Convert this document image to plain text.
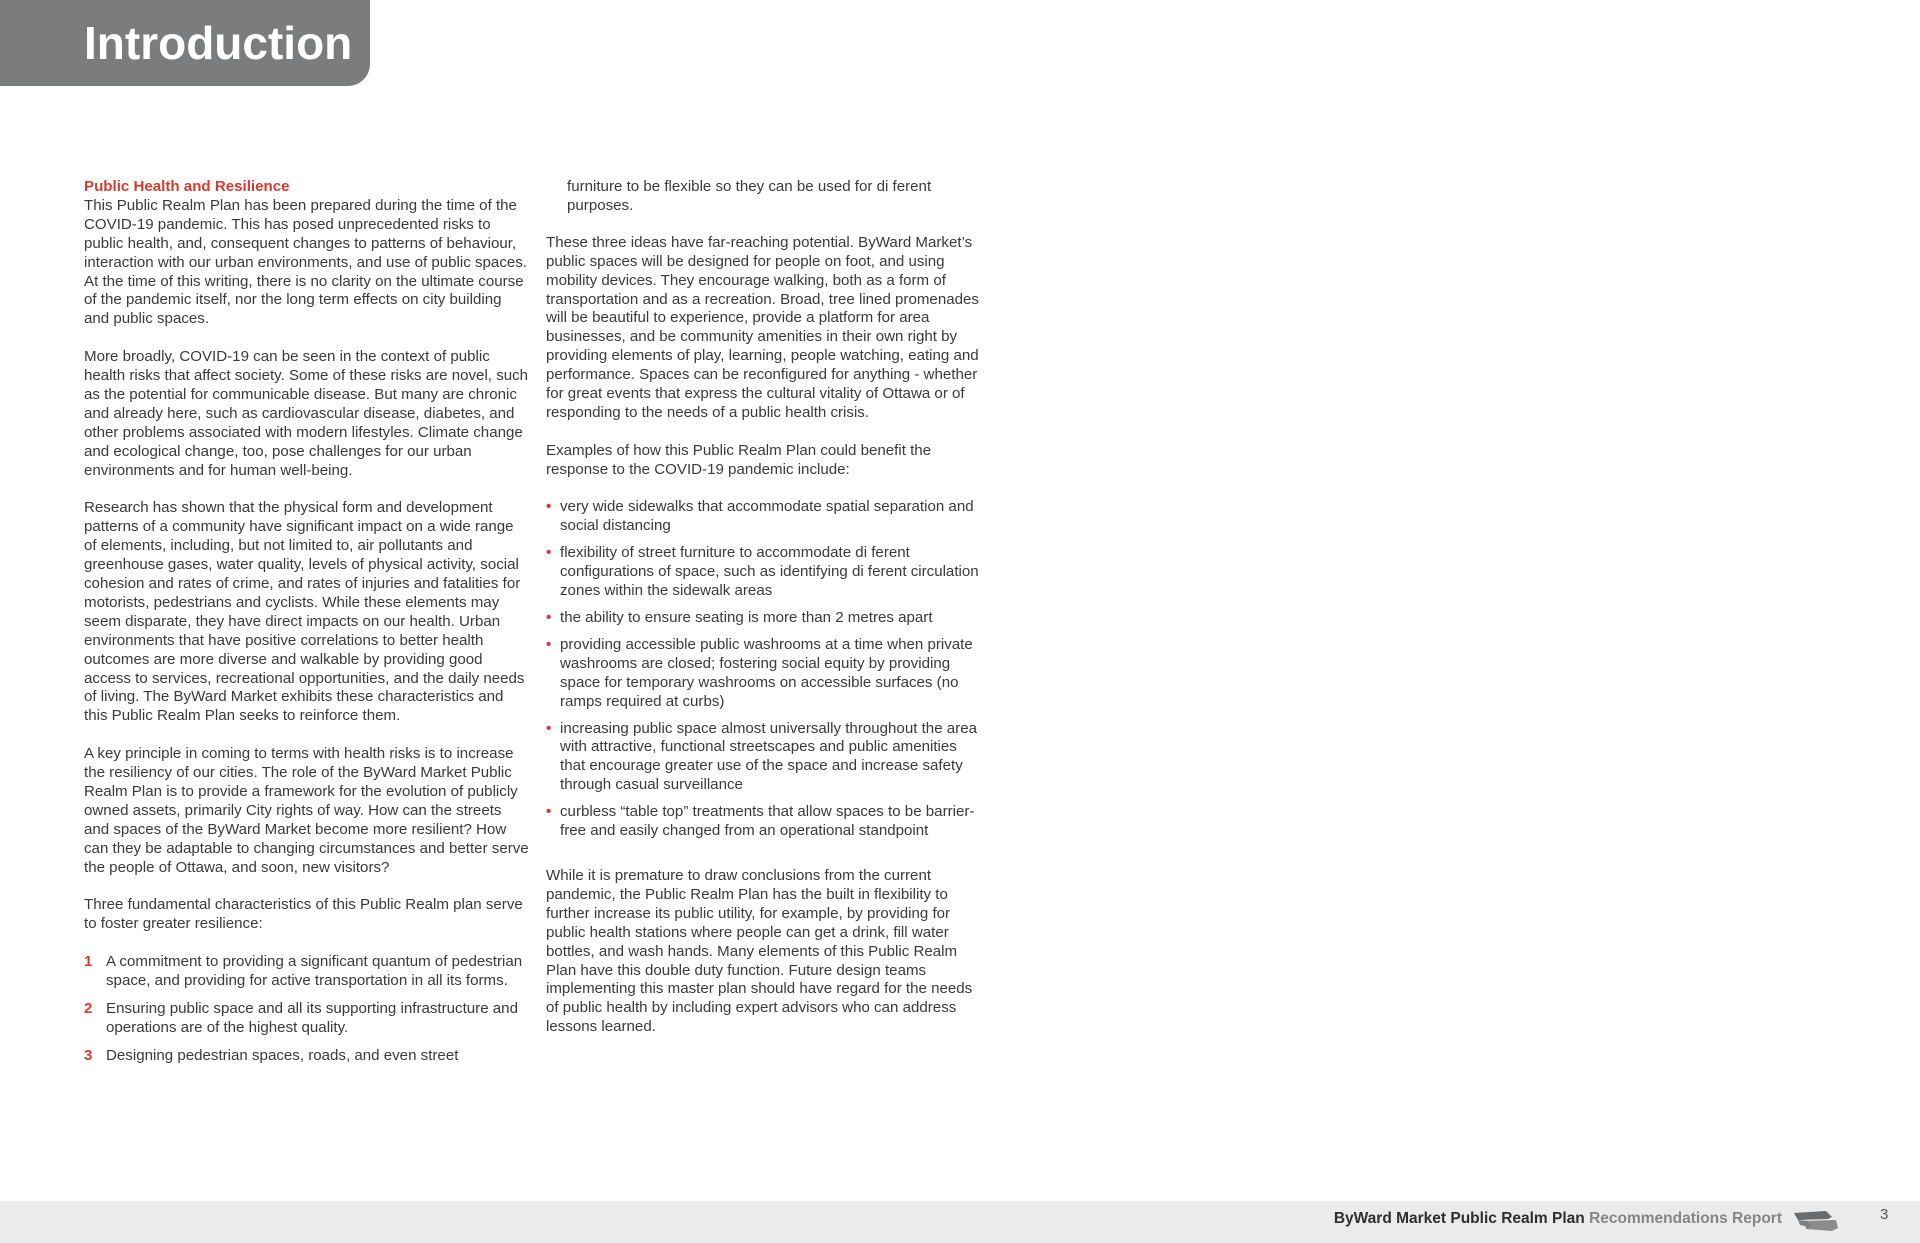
Introduction
Public Health and Resilience

This Public Realm Plan has been prepared during the time of the COVID-19 pandemic. This has posed unprecedented risks to public health, and, consequent changes to patterns of behaviour, interaction with our urban environments, and use of public spaces. At the time of this writing, there is no clarity on the ultimate course of the pandemic itself, nor the long term effects on city building and public spaces.

More broadly, COVID-19 can be seen in the context of public health risks that affect society. Some of these risks are novel, such as the potential for communicable disease. But many are chronic and already here, such as cardiovascular disease, diabetes, and other problems associated with modern lifestyles. Climate change and ecological change, too, pose challenges for our urban environments and for human well-being.

Research has shown that the physical form and development patterns of a community have significant impact on a wide range of elements, including, but not limited to, air pollutants and greenhouse gases, water quality, levels of physical activity, social cohesion and rates of crime, and rates of injuries and fatalities for motorists, pedestrians and cyclists. While these elements may seem disparate, they have direct impacts on our health. Urban environments that have positive correlations to better health outcomes are more diverse and walkable by providing good access to services, recreational opportunities, and the daily needs of living. The ByWard Market exhibits these characteristics and this Public Realm Plan seeks to reinforce them.

A key principle in coming to terms with health risks is to increase the resiliency of our cities. The role of the ByWard Market Public Realm Plan is to provide a framework for the evolution of publicly owned assets, primarily City rights of way. How can the streets and spaces of the ByWard Market become more resilient? How can they be adaptable to changing circumstances and better serve the people of Ottawa, and soon, new visitors?

Three fundamental characteristics of this Public Realm plan serve to foster greater resilience:

1 A commitment to providing a significant quantum of pedestrian space, and providing for active transportation in all its forms.
2 Ensuring public space and all its supporting infrastructure and operations are of the highest quality.
3 Designing pedestrian spaces, roads, and even street

furniture to be flexible so they can be used for di ferent purposes.

These three ideas have far-reaching potential. ByWard Market’s public spaces will be designed for people on foot, and using mobility devices. They encourage walking, both as a form of transportation and as a recreation. Broad, tree lined promenades will be beautiful to experience, provide a platform for area businesses, and be community amenities in their own right by providing elements of play, learning, people watching, eating and performance. Spaces can be reconfigured for anything - whether for great events that express the cultural vitality of Ottawa or of responding to the needs of a public health crisis.

Examples of how this Public Realm Plan could benefit the response to the COVID-19 pandemic include:

• very wide sidewalks that accommodate spatial separation and social distancing
• flexibility of street furniture to accommodate di ferent configurations of space, such as identifying di ferent circulation zones within the sidewalk areas
• the ability to ensure seating is more than 2 metres apart
• providing accessible public washrooms at a time when private washrooms are closed; fostering social equity by providing space for temporary washrooms on accessible surfaces (no ramps required at curbs)
• increasing public space almost universally throughout the area with attractive, functional streetscapes and public amenities that encourage greater use of the space and increase safety through casual surveillance
• curbless “table top” treatments that allow spaces to be barrier-free and easily changed from an operational standpoint

While it is premature to draw conclusions from the current pandemic, the Public Realm Plan has the built in flexibility to further increase its public utility, for example, by providing for public health stations where people can get a drink, fill water bottles, and wash hands. Many elements of this Public Realm Plan have this double duty function. Future design teams implementing this master plan should have regard for the needs of public health by including expert advisors who can address lessons learned.

ByWard Market Public Realm Plan Recommendations Report	3
